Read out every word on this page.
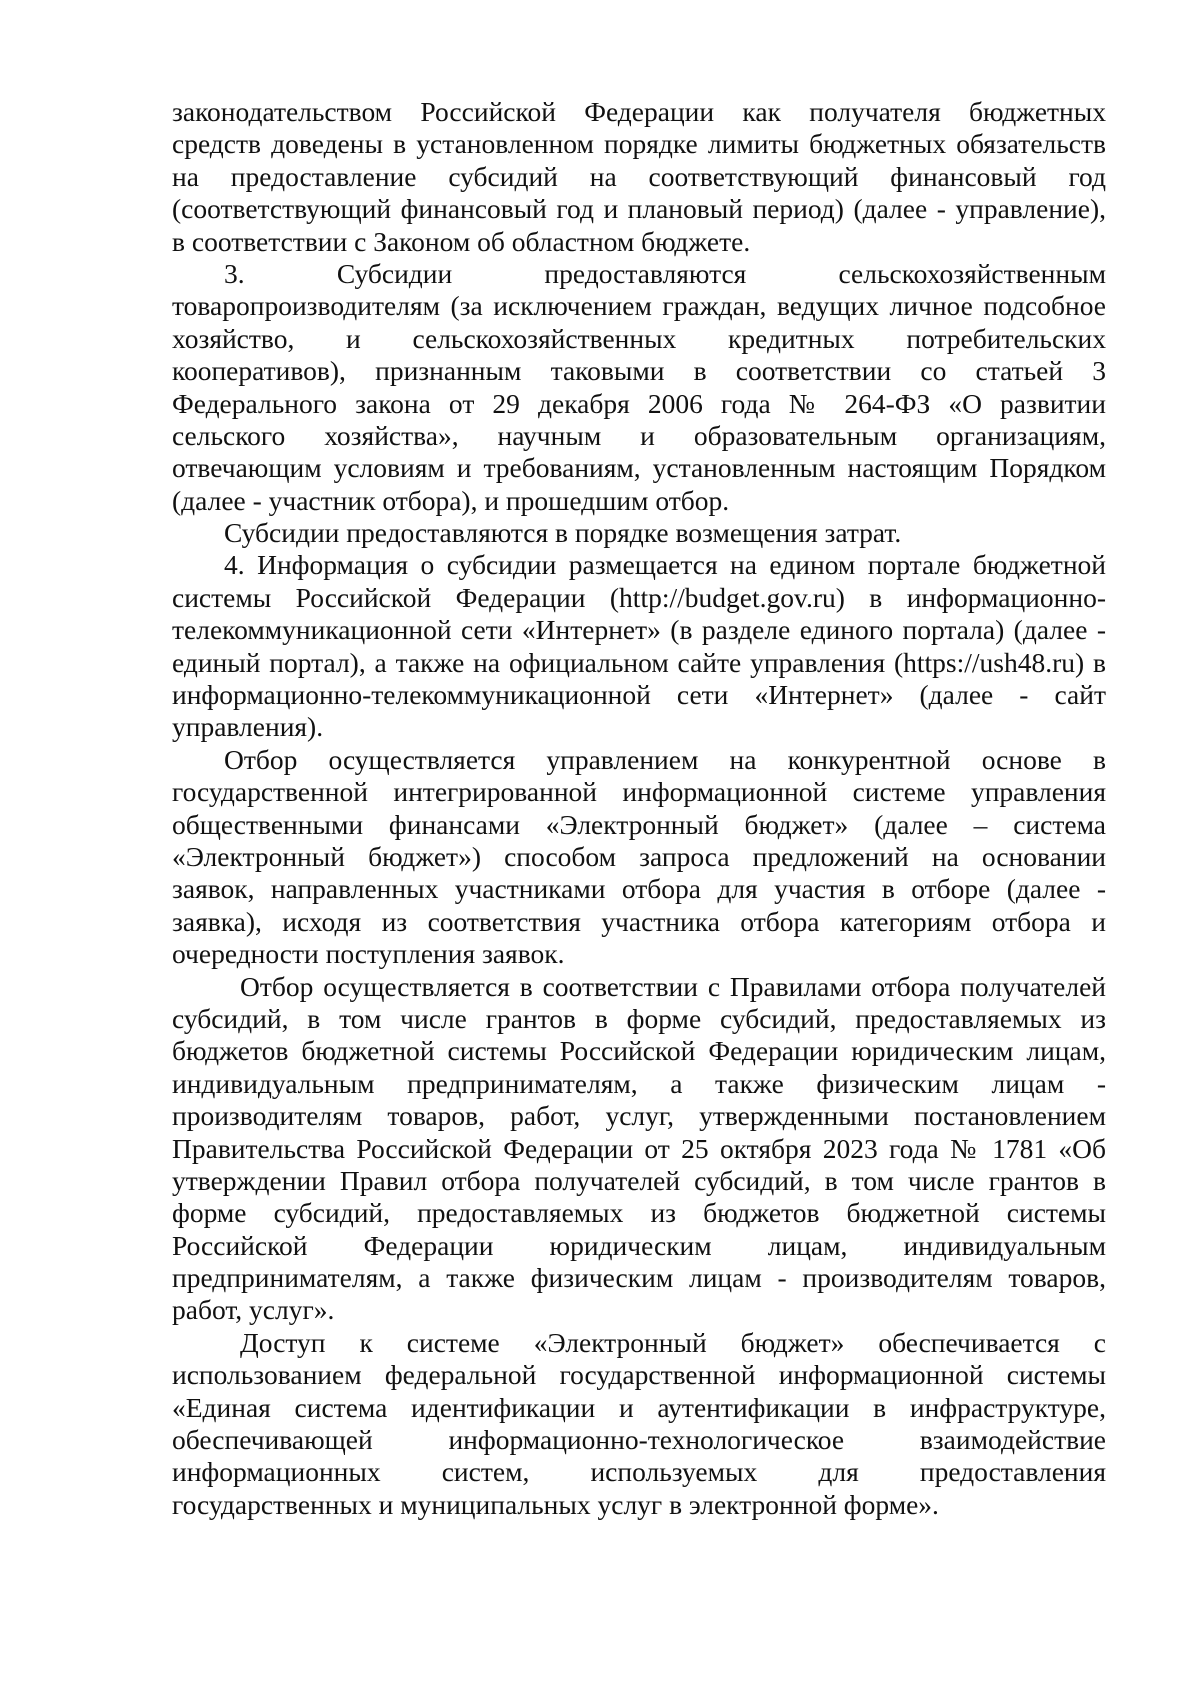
законодательством Российской Федерации как получателя бюджетных
средств доведены в установленном порядке лимиты бюджетных обязательств
на предоставление субсидий на соответствующий финансовый год
(соответствующий финансовый год и плановый период) (далее - управление),
в соответствии с Законом об областном бюджете.
3. Субсидии предоставляются сельскохозяйственным
товаропроизводителям (за исключением граждан, ведущих личное подсобное
хозяйство, и сельскохозяйственных кредитных потребительских
кооперативов), признанным таковыми в соответствии со статьей 3
Федерального закона от 29 декабря 2006 года № 264-ФЗ «О развитии
сельского хозяйства», научным и образовательным организациям,
отвечающим условиям и требованиям, установленным настоящим Порядком
(далее - участник отбора), и прошедшим отбор.
Субсидии предоставляются в порядке возмещения затрат.
4. Информация о субсидии размещается на едином портале бюджетной
системы Российской Федерации (http://budget.gov.ru) в информационно-
телекоммуникационной сети «Интернет» (в разделе единого портала) (далее -
единый портал), а также на официальном сайте управления (https://ush48.ru) в
информационно-телекоммуникационной сети «Интернет» (далее - сайт
управления).
Отбор осуществляется управлением на конкурентной основе в
государственной интегрированной информационной системе управления
общественными финансами «Электронный бюджет» (далее – система
«Электронный бюджет») способом запроса предложений на основании
заявок, направленных участниками отбора для участия в отборе (далее -
заявка), исходя из соответствия участника отбора категориям отбора и
очередности поступления заявок.
Отбор осуществляется в соответствии с Правилами отбора получателей
субсидий, в том числе грантов в форме субсидий, предоставляемых из
бюджетов бюджетной системы Российской Федерации юридическим лицам,
индивидуальным предпринимателям, а также физическим лицам -
производителям товаров, работ, услуг, утвержденными постановлением
Правительства Российской Федерации от 25 октября 2023 года № 1781 «Об
утверждении Правил отбора получателей субсидий, в том числе грантов в
форме субсидий, предоставляемых из бюджетов бюджетной системы
Российской Федерации юридическим лицам, индивидуальным
предпринимателям, а также физическим лицам - производителям товаров,
работ, услуг».
Доступ к системе «Электронный бюджет» обеспечивается с
использованием федеральной государственной информационной системы
«Единая система идентификации и аутентификации в инфраструктуре,
обеспечивающей информационно-технологическое взаимодействие
информационных систем, используемых для предоставления
государственных и муниципальных услуг в электронной форме».
